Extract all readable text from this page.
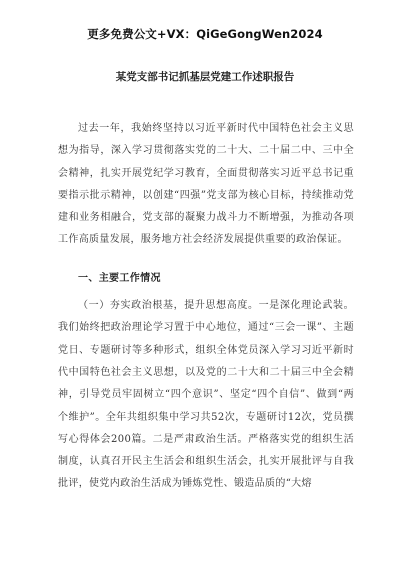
更多免费公文+VX：QiGeGongWen2024
某党支部书记抓基层党建工作述职报告

过去一年，我始终坚持以习近平新时代中国特色社会主义思想为指导，深入学习贯彻落实党的二十大、二十届二中、三中全会精神，扎实开展党纪学习教育，全面贯彻落实习近平总书记重要指示批示精神，以创建“四强”党支部为核心目标，持续推动党建和业务相融合，党支部的凝聚力战斗力不断增强，为推动各项工作高质量发展，服务地方社会经济发展提供重要的政治保证。

一、主要工作情况

（一）夯实政治根基，提升思想高度。一是深化理论武装。我们始终把政治理论学习置于中心地位，通过“三会一课”、主题党日、专题研讨等多种形式，组织全体党员深入学习习近平新时代中国特色社会主义思想，以及党的二十大和二十届三中全会精神，引导党员牢固树立“四个意识”、坚定“四个自信”、做到“两个维护”。全年共组织集中学习共52次，专题研讨12次，党员撰写心得体会200篇。二是严肃政治生活。严格落实党的组织生活制度，认真召开民主生活会和组织生活会，扎实开展批评与自我批评，使党内政治生活成为锤炼党性、锻造品质的“大熔
